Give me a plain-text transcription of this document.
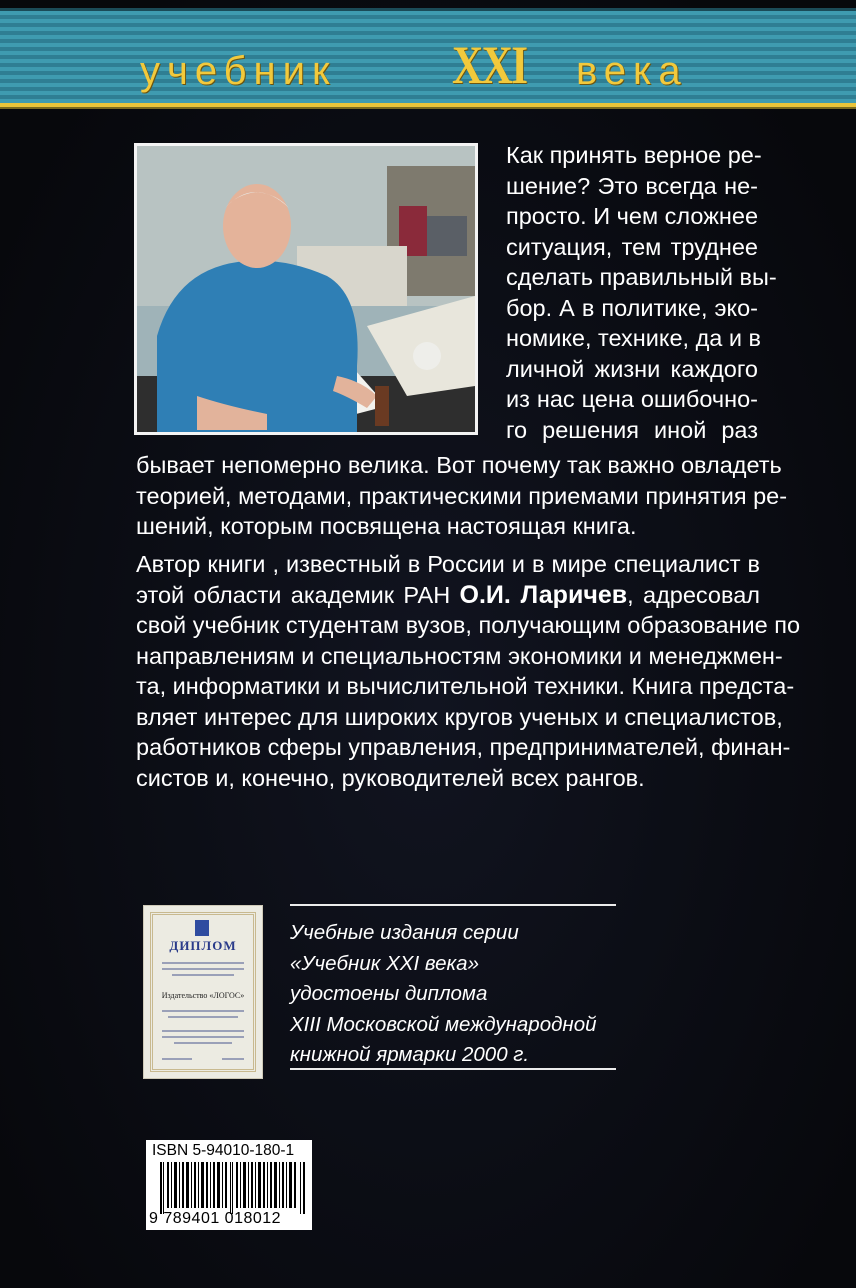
учебник XXI века
Как принять верное ре-
шение? Это всегда не-
просто. И чем сложнее
ситуация, тем труднее
сделать правильный вы-
бор. А в политике, эко-
номике, технике, да и в
личной жизни каждого
из нас цена ошибочно-
го решения иной раз
бывает непомерно велика. Вот почему так важно овладеть
теорией, методами, практическими приемами принятия ре-
шений, которым посвящена настоящая книга.
Автор книги , известный в России и в мире специалист в
этой области академик РАН О.И. Ларичев, адресовал
свой учебник студентам вузов, получающим образование по
направлениям и специальностям экономики и менеджмен-
та, информатики и вычислительной техники. Книга предста-
вляет интерес для широких кругов ученых и специалистов,
работников сферы управления, предпринимателей, финан-
систов и, конечно, руководителей всех рангов.
ДИПЛОМ
Издательство «ЛОГОС»
Учебные издания серии
«Учебник XXI века»
удостоены диплома
XIII Московской международной
книжной ярмарки 2000 г.
ISBN 5-94010-180-1
9 789401 018012
